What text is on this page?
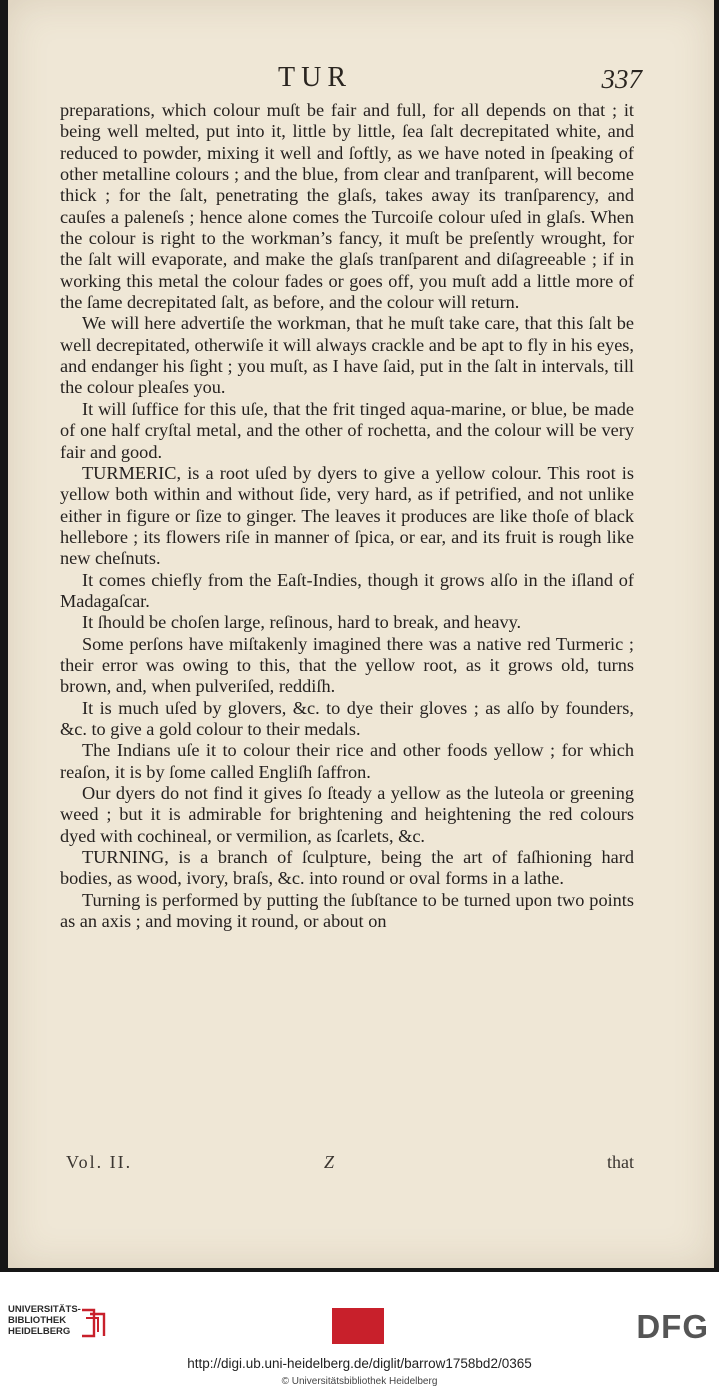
TUR	337

preparations, which colour muſt be fair and full, for all depends on that ; it being well melted, put into it, little by little, ſea ſalt decrepitated white, and reduced to powder, mixing it well and ſoftly, as we have noted in ſpeaking of other metalline colours ; and the blue, from clear and tranſparent, will become thick ; for the ſalt, penetrating the glaſs, takes away its tranſparency, and cauſes a paleneſs ; hence alone comes the Turcoiſe colour uſed in glaſs. When the colour is right to the workman’s fancy, it muſt be preſently wrought, for the ſalt will evaporate, and make the glaſs tranſparent and diſagreeable ; if in working this metal the colour fades or goes off, you muſt add a little more of the ſame decrepitated ſalt, as before, and the colour will return.

We will here advertiſe the workman, that he muſt take care, that this ſalt be well decrepitated, otherwiſe it will always crackle and be apt to fly in his eyes, and endanger his ſight ; you muſt, as I have ſaid, put in the ſalt in intervals, till the colour pleaſes you.

It will ſuffice for this uſe, that the frit tinged aqua-marine, or blue, be made of one half cryſtal metal, and the other of rochetta, and the colour will be very fair and good.

TURMERIC, is a root uſed by dyers to give a yellow colour. This root is yellow both within and without ſide, very hard, as if petrified, and not unlike either in figure or ſize to ginger. The leaves it produces are like thoſe of black hellebore ; its flowers riſe in manner of ſpica, or ear, and its fruit is rough like new cheſnuts.

It comes chiefly from the Eaſt-Indies, though it grows alſo in the iſland of Madagaſcar.

It ſhould be choſen large, reſinous, hard to break, and heavy.

Some perſons have miſtakenly imagined there was a native red Turmeric ; their error was owing to this, that the yellow root, as it grows old, turns brown, and, when pulveriſed, reddiſh.

It is much uſed by glovers, &c. to dye their gloves ; as alſo by founders, &c. to give a gold colour to their medals.

The Indians uſe it to colour their rice and other foods yellow ; for which reaſon, it is by ſome called Engliſh ſaffron.

Our dyers do not find it gives ſo ſteady a yellow as the luteola or greening weed ; but it is admirable for brightening and heightening the red colours dyed with cochineal, or vermilion, as ſcarlets, &c.

TURNING, is a branch of ſculpture, being the art of faſhioning hard bodies, as wood, ivory, braſs, &c. into round or oval forms in a lathe.

Turning is performed by putting the ſubſtance to be turned upon two points as an axis ; and moving it round, or about on

Vol. II.	Z	that
UNIVERSITÄTS-BIBLIOTHEK HEIDELBERG	DFG
http://digi.ub.uni-heidelberg.de/diglit/barrow1758bd2/0365
© Universitätsbibliothek Heidelberg
